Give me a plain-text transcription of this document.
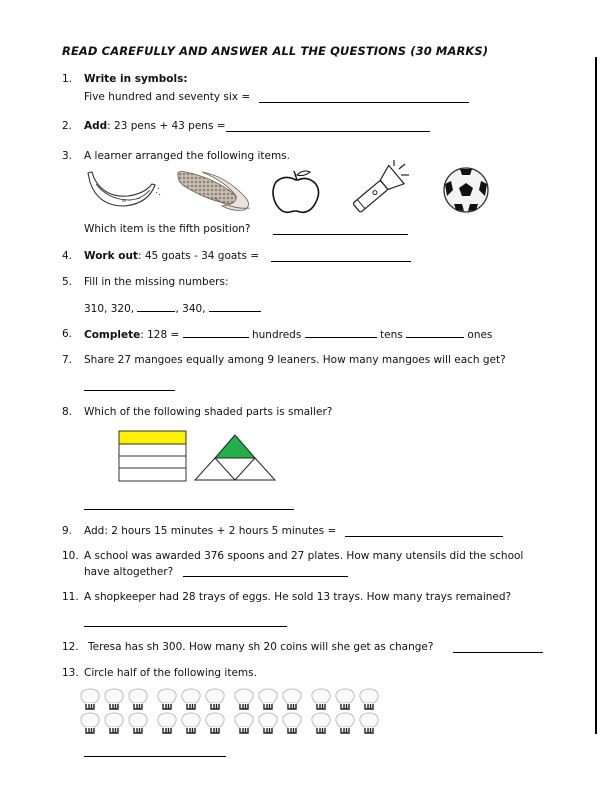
READ CAREFULLY AND ANSWER ALL THE QUESTIONS (30 MARKS)
1. Write in symbols:
Five hundred and seventy six =
2. Add: 23 pens + 43 pens =
3. A learner arranged the following items.
Which item is the fifth position?
4. Work out: 45 goats - 34 goats =
5. Fill in the missing numbers:
310, 320,	, 340,
6. Complete: 128 =	hundreds	tens	ones
7. Share 27 mangoes equally among 9 leaners. How many mangoes will each get?
8. Which of the following shaded parts is smaller?
9. Add: 2 hours 15 minutes + 2 hours 5 minutes =
10. A school was awarded 376 spoons and 27 plates. How many utensils did the school
have altogether?
11. A shopkeeper had 28 trays of eggs. He sold 13 trays. How many trays remained?
12. Teresa has sh 300. How many sh 20 coins will she get as change?
13. Circle half of the following items.
